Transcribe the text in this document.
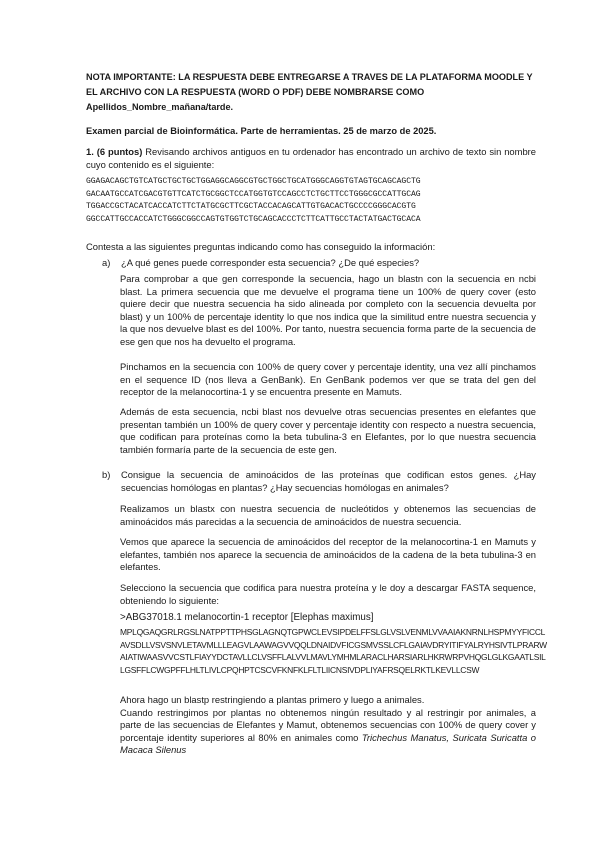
NOTA IMPORTANTE: LA RESPUESTA DEBE ENTREGARSE A TRAVES DE LA PLATAFORMA MOODLE Y EL ARCHIVO CON LA RESPUESTA (WORD O PDF) DEBE NOMBRARSE COMO Apellidos_Nombre_mañana/tarde.

Examen parcial de Bioinformática. Parte de herramientas. 25 de marzo de 2025.

1. (6 puntos) Revisando archivos antiguos en tu ordenador has encontrado un archivo de texto sin nombre cuyo contenido es el siguiente:

GGAGACAGCTGTCATGCTGCTGCTGGAGGCAGGCGTGCTGGCTGCATGGGCAGGTGTAGTGCAGCAGCTG
GACAATGCCATCGACGTGTTCATCTGCGGCTCCATGGTGTCCAGCCTCTGCTTCCTGGGCGCCATTGCAG
TGGACCGCTACATCACCATCTTCTATGCGCTTCGCTACCACAGCATTGTGACACTGCCCCGGGCACGTG
GGCCATTGCCACCATCTGGGCGGCCAGTGTGGTCTGCAGCACCCTCTTCATTGCCTACTATGACTGCACA

Contesta a las siguientes preguntas indicando como has conseguido la información:

a)	¿A qué genes puede corresponder esta secuencia? ¿De qué especies?

Para comprobar a que gen corresponde la secuencia, hago un blastn con la secuencia en ncbi blast. La primera secuencia que me devuelve el programa tiene un 100% de query cover (esto quiere decir que nuestra secuencia ha sido alineada por completo con la secuencia devuelta por blast) y un 100% de percentaje identity lo que nos indica que la similitud entre nuestra secuencia y la que nos devuelve blast es del 100%. Por tanto, nuestra secuencia forma parte de la secuencia de ese gen que nos ha devuelto el programa.

Pinchamos en la secuencia con 100% de query cover y percentaje identity, una vez allí pinchamos en el sequence ID (nos lleva a GenBank). En GenBank podemos ver que se trata del gen del receptor de la melanocortina-1 y se encuentra presente en Mamuts.

Además de esta secuencia, ncbi blast nos devuelve otras secuencias presentes en elefantes que presentan también un 100% de query cover y percentaje identity con respecto a nuestra secuencia, que codifican para proteínas como la beta tubulina-3 en Elefantes, por lo que nuestra secuencia también formaría parte de la secuencia de este gen.

b)	Consigue la secuencia de aminoácidos de las proteínas que codifican estos genes. ¿Hay secuencias homólogas en plantas? ¿Hay secuencias homólogas en animales?

Realizamos un blastx con nuestra secuencia de nucleótidos y obtenemos las secuencias de aminoácidos más parecidas a la secuencia de aminoácidos de nuestra secuencia.

Vemos que aparece la secuencia de aminoácidos del receptor de la melanocortina-1 en Mamuts y elefantes, también nos aparece la secuencia de aminoácidos de la cadena de la beta tubulina-3 en elefantes.

Selecciono la secuencia que codifica para nuestra proteína y le doy a descargar FASTA sequence, obteniendo lo siguiente:

>ABG37018.1 melanocortin-1 receptor [Elephas maximus]
MPLQGAQGRLRGSLNATPPTTPHSGLAGNQTGPWCLEVSIPDELFFSLGLVSLVENMLVVAAIAKNRNLHSPMYYFICCLAVSDLLVSVSNVLETAVMLLLEAGVLAAWAGVVQQLDNAIDVFICGSMVSSLCFLGAIAVDRYITIFYALRYHSIVTLPRARWAIATIWAASVVCSTLFIAYYDCTAVLLCLVSFFLALVVLMAVLYMHMLARACLHARSIARLHKRWRPVHQGLGLKGAATLSILLGSFFLCWGPFFLHLTLIVLCPQHPTCSCVFKNFKLFLTLIICNSIVDPLIYAFRSQELRKTLKEVLLCSW

Ahora hago un blastp restringiendo a plantas primero y luego a animales.

Cuando restringimos por plantas no obtenemos ningún resultado y al restringir por animales, a parte de las secuencias de Elefantes y Mamut, obtenemos secuencias con 100% de query cover y porcentaje identity superiores al 80% en animales como Trichechus Manatus, Suricata Suricatta o Macaca Silenus
